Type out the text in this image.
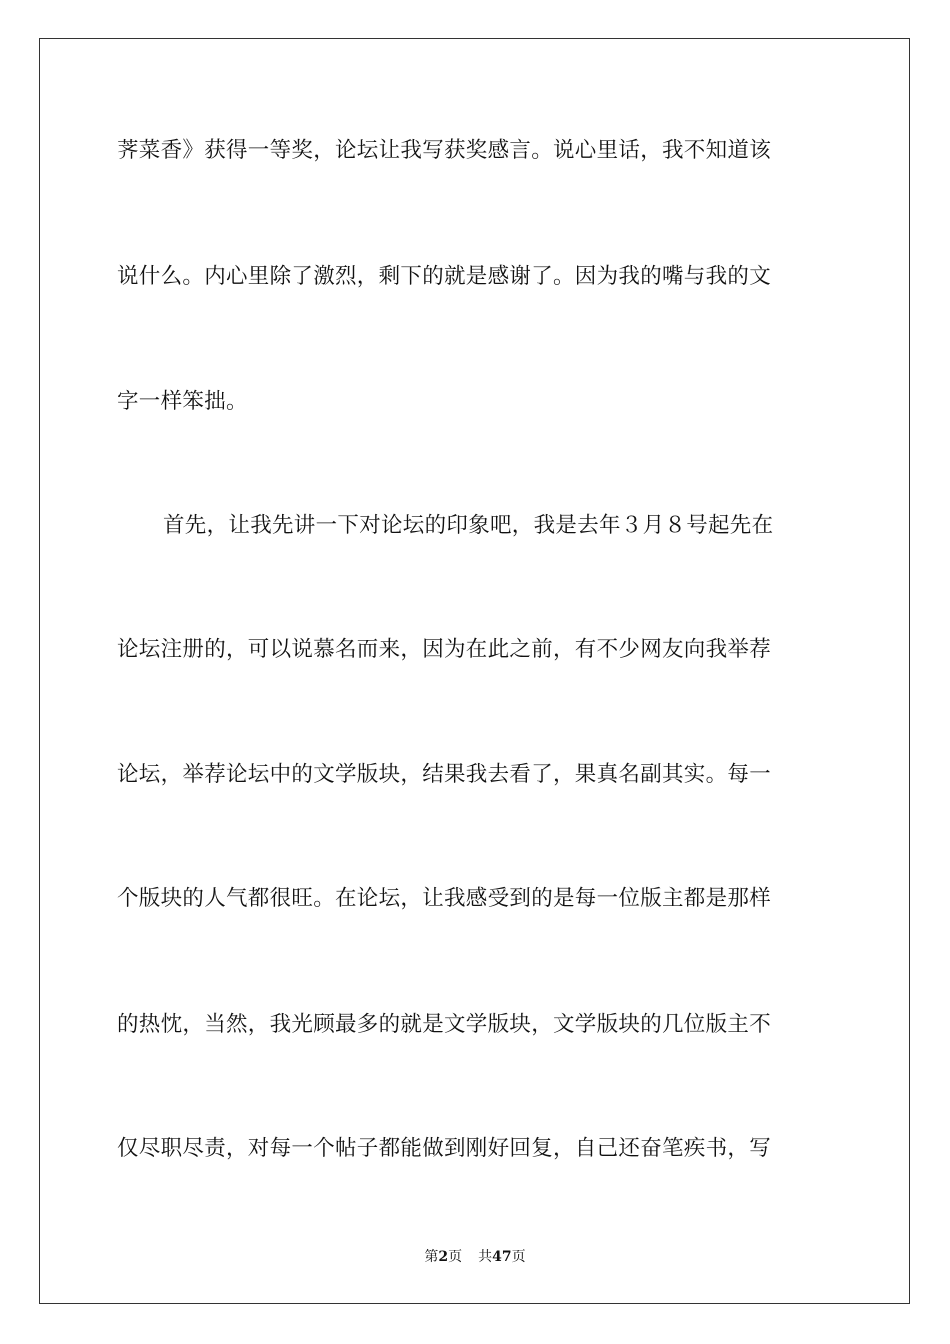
荠菜香》获得一等奖，论坛让我写获奖感言。说心里话，我不知道该
说什么。内心里除了激烈，剩下的就是感谢了。因为我的嘴与我的文
字一样笨拙。
首先，让我先讲一下对论坛的印象吧，我是去年３月８号起先在
论坛注册的，可以说慕名而来，因为在此之前，有不少网友向我举荐
论坛，举荐论坛中的文学版块，结果我去看了，果真名副其实。每一
个版块的人气都很旺。在论坛，让我感受到的是每一位版主都是那样
的热忱，当然，我光顾最多的就是文学版块，文学版块的几位版主不
仅尽职尽责，对每一个帖子都能做到刚好回复，自己还奋笔疾书，写
第2页 共47页
